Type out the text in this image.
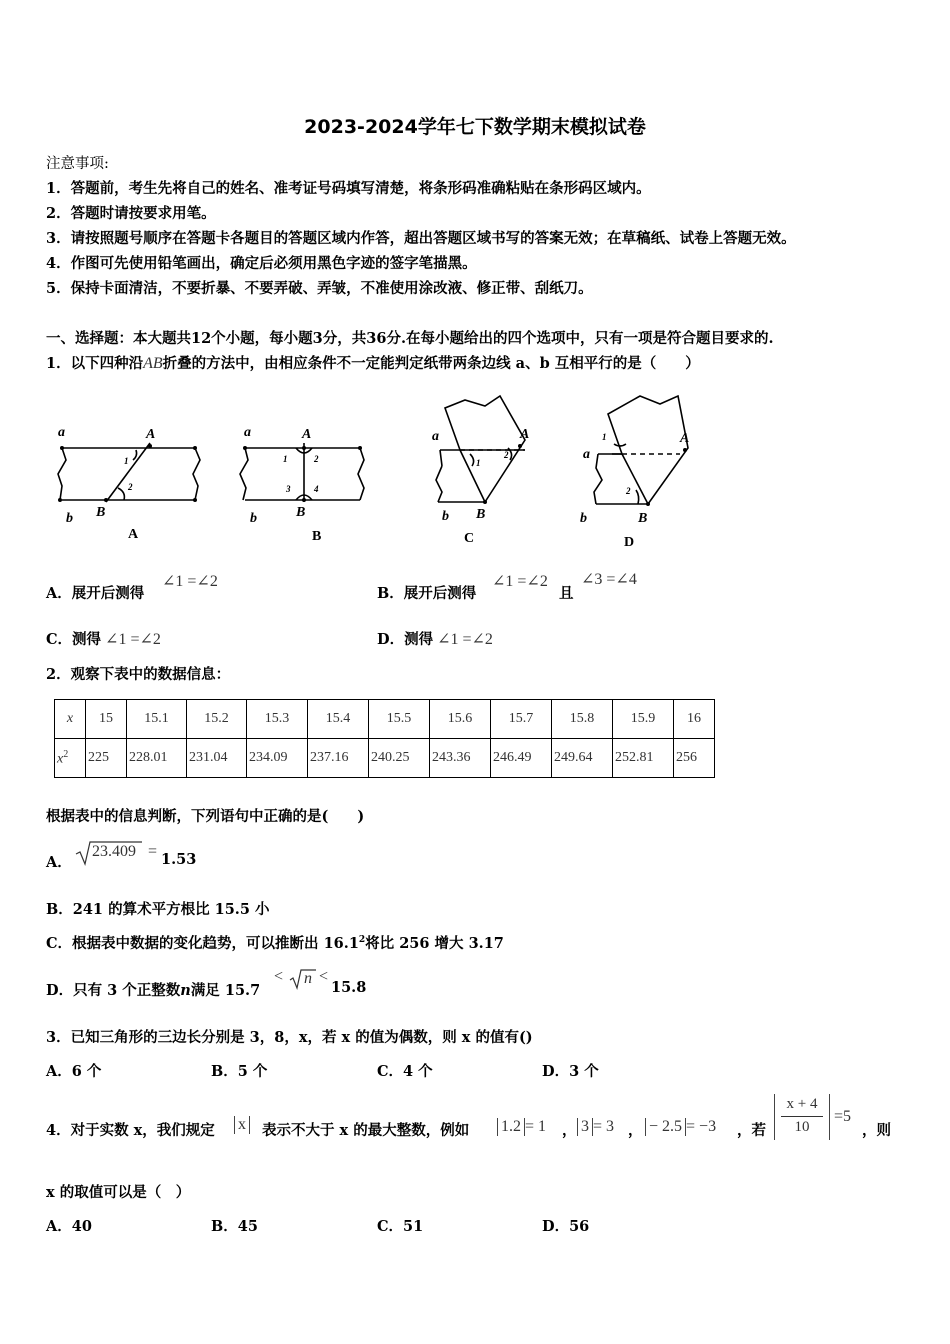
2023-2024学年七下数学期末模拟试卷
注意事项:
1．答题前，考生先将自己的姓名、准考证号码填写清楚，将条形码准确粘贴在条形码区域内。
2．答题时请按要求用笔。
3．请按照题号顺序在答题卡各题目的答题区域内作答，超出答题区域书写的答案无效；在草稿纸、试卷上答题无效。
4．作图可先使用铅笔画出，确定后必须用黑色字迹的签字笔描黑。
5．保持卡面清洁，不要折暴、不要弄破、弄皱，不准使用涂改液、修正带、刮纸刀。
一、选择题：本大题共12个小题，每小题3分，共36分.在每小题给出的四个选项中，只有一项是符合题目要求的.
1．以下四种沿AB折叠的方法中，由相应条件不一定能判定纸带两条边线 a、b 互相平行的是（　　）
a	A
b B
1
2
A
a	A
b	B
1	2
3	4
B
a	A
b B
1
2
C
a
A
b	B
1
2
D
A．展开后测得
∠1 =∠2
B．展开后测得
∠1 =∠2
且
∠3 =∠4
C．测得 ∠1 =∠2	D．测得 ∠1 =∠2
2．观察下表中的数据信息：
x	15	15.1	15.2	15.3	15.4	15.5	15.6	15.7	15.8	15.9	16
$x^2$	225	228.01	231.04	234.09	237.16	240.25	243.36	246.49	249.64	252.81	256
根据表中的信息判断，下列语句中正确的是(　　)
A．
23.409 = 1.53
B．241 的算术平方根比 15.5 小
C．根据表中数据的变化趋势，可以推断出 16.1$^2$将比 256 增大 3.17
D．只有 3 个正整数n满足 15.7
< n <
15.8
3．已知三角形的三边长分别是 3，8，x，若 x 的值为偶数，则 x 的值有()
A．6 个	B．5 个	C．4 个	D．3 个
4．对于实数 x，我们规定 x 表示不大于 x 的最大整数，例如 1.2 = 1 ， 3 = 3 ， − 2.5 = −3 ，若
x + 4
10
=5
，则
x 的取值可以是（　）
A．40	B．45	C．51	D．56
